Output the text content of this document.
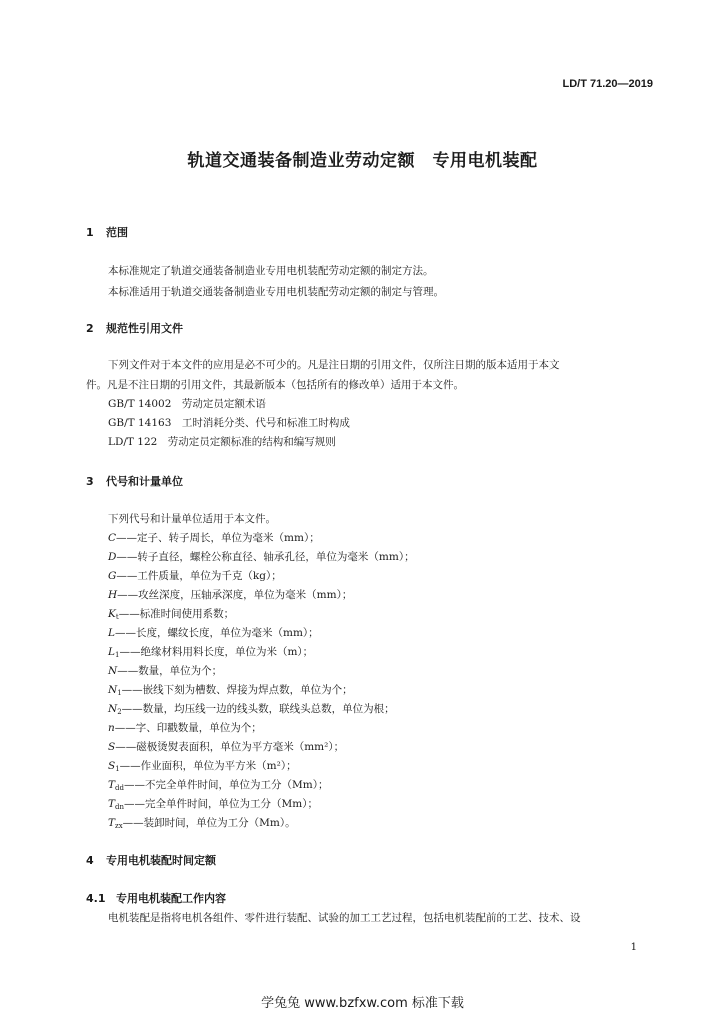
LD/T 71.20—2019
轨道交通装备制造业劳动定额　专用电机装配
1 范围
本标准规定了轨道交通装备制造业专用电机装配劳动定额的制定方法。
本标准适用于轨道交通装备制造业专用电机装配劳动定额的制定与管理。
2 规范性引用文件
下列文件对于本文件的应用是必不可少的。凡是注日期的引用文件，仅所注日期的版本适用于本文
件。凡是不注日期的引用文件，其最新版本（包括所有的修改单）适用于本文件。
GB/T 14002　劳动定员定额术语
GB/T 14163　工时消耗分类、代号和标准工时构成
LD/T 122　劳动定员定额标准的结构和编写规则
3 代号和计量单位
下列代号和计量单位适用于本文件。
C——定子、转子周长，单位为毫米（mm）；
D——转子直径，螺栓公称直径、轴承孔径，单位为毫米（mm）；
G——工件质量，单位为千克（kg）；
H——攻丝深度，压轴承深度，单位为毫米（mm）；
$K_t——$标准时间使用系数；
L——长度，螺纹长度，单位为毫米（mm）；
$L_1——$绝缘材料用料长度，单位为米（m）；
N——数量，单位为个；
$N_1——$嵌线下刻为槽数、焊接为焊点数，单位为个；
$N_2——$数量，均压线一边的线头数，联线头总数，单位为根；
n——字、印戳数量，单位为个；
S——磁极烫熨表面积，单位为平方毫米（mm²）；
$S_1——$作业面积，单位为平方米（m²）；
$T_{dd}——$不完全单件时间，单位为工分（Mm）；
$T_{dn}——$完全单件时间，单位为工分（Mm）；
$T_{zx}——$装卸时间，单位为工分（Mm）。
4 专用电机装配时间定额
4.1 专用电机装配工作内容
电机装配是指将电机各组件、零件进行装配、试验的加工工艺过程，包括电机装配前的工艺、技术、设
1
学兔兔 www.bzfxw.com 标准下载
